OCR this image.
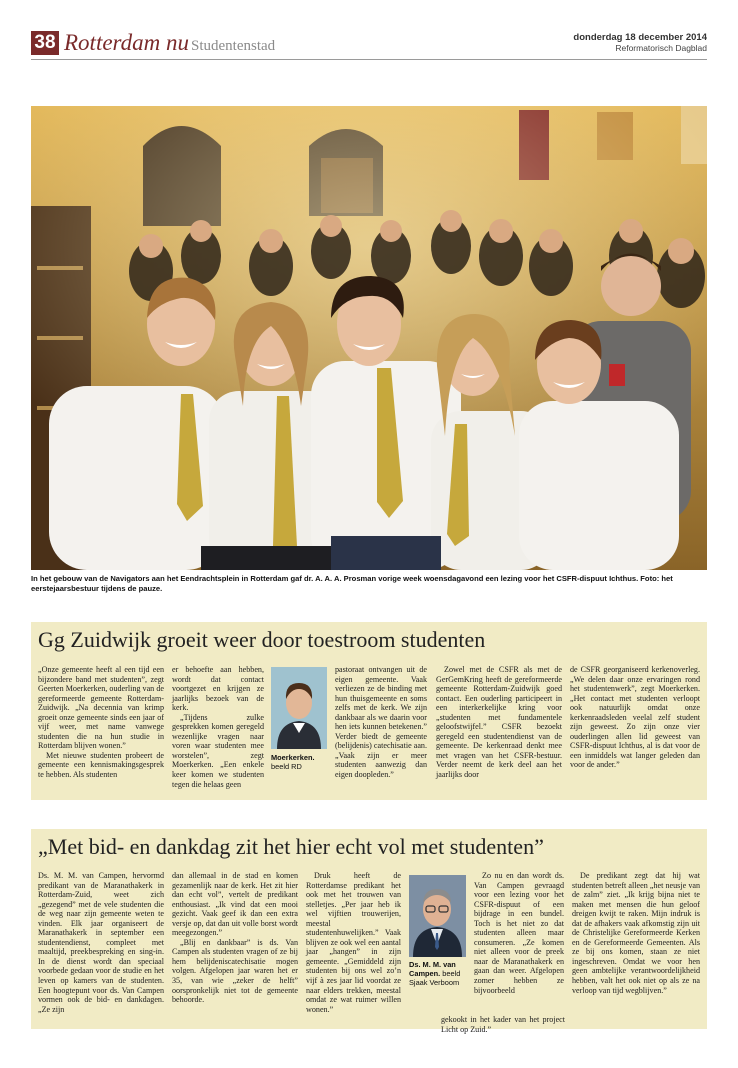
38 Rotterdam nu Studentenstad
donderdag 18 december 2014
Reformatorisch Dagblad
In het gebouw van de Navigators aan het Eendrachtsplein in Rotterdam gaf dr. A. A. A. Prosman vorige week woensdagavond een lezing voor het CSFR-dispuut Ichthus. Foto: het eerstejaarsbestuur tijdens de pauze.
Gg Zuidwijk groeit weer door toestroom studenten

„Onze gemeente heeft al een tijd een bijzondere band met studenten”, zegt Geerten Moerkerken, ouderling van de gereformeerde gemeente Rotterdam-Zuidwijk. „Na decennia van krimp groeit onze gemeente sinds een jaar of vijf weer, met name vanwege studenten die na hun studie in Rotterdam blijven wonen.”

Met nieuwe studenten probeert de gemeente een kennismakingsgesprek te hebben. Als studenten

er behoefte aan hebben, wordt dat contact voortgezet en krijgen ze jaarlijks bezoek van de kerk.

„Tijdens zulke gesprekken komen geregeld wezenlijke vragen naar voren waar studenten mee worstelen”, zegt Moerkerken. „Een enkele keer komen we studenten tegen die helaas geen

Moerkerken.
beeld RD

pastoraat ontvangen uit de eigen gemeente. Vaak verliezen ze de binding met hun thuisgemeente en soms zelfs met de kerk. We zijn dankbaar als we daarin voor hen iets kunnen betekenen.” Verder biedt de gemeente (belijdenis) catechisatie aan. „Vaak zijn er meer studenten aanwezig dan eigen doopleden.”

Zowel met de CSFR als met de GerGemKring heeft de gereformeerde gemeente Rotterdam-Zuidwijk goed contact. Een ouderling participeert in een interkerkelijke kring voor „studenten met fundamentele geloofstwijfel.” CSFR bezoekt geregeld een studentendienst van de gemeente. De kerkenraad denkt mee met vragen van het CSFR-bestuur. Verder neemt de kerk deel aan het jaarlijks door

de CSFR georganiseerd kerkenoverleg. „We delen daar onze ervaringen rond het studentenwerk”, zegt Moerkerken. „Het contact met studenten verloopt ook natuurlijk omdat onze kerkenraadsleden veelal zelf student zijn geweest. Zo zijn onze vier ouderlingen allen lid geweest van CSFR-dispuut Ichthus, al is dat voor de een inmiddels wat langer geleden dan voor de ander.”

„Met bid- en dankdag zit het hier echt vol met studenten”

Ds. M. M. van Campen, hervormd predikant van de Maranathakerk in Rotterdam-Zuid, weet zich „gezegend” met de vele studenten die de weg naar zijn gemeente weten te vinden. Elk jaar organiseert de Maranathakerk in september een studentendienst, compleet met maaltijd, preekbespreking en sing-in. In de dienst wordt dan speciaal voorbede gedaan voor de studie en het leven op kamers van de studenten. Een hoogtepunt voor ds. Van Campen vormen ook de bid- en dankdagen. „Ze zijn

dan allemaal in de stad en komen gezamenlijk naar de kerk. Het zit hier dan echt vol”, vertelt de predikant enthousiast. „Ik vind dat een mooi gezicht. Vaak geef ik dan een extra versje op, dat dan uit volle borst wordt meegezongen.”

„Blij en dankbaar” is ds. Van Campen als studenten vragen of ze bij hem belijdeniscatechisatie mogen volgen. Afgelopen jaar waren het er 35, van wie „zeker de helft” oorspronkelijk niet tot de gemeente behoorde.

Druk heeft de Rotterdamse predikant het ook met het trouwen van stelletjes. „Per jaar heb ik wel vijftien trouwerijen, meestal studentenhuwelijken.” Vaak blijven ze ook wel een aantal jaar „hangen” in zijn gemeente. „Gemiddeld zijn studenten bij ons wel zo’n vijf à zes jaar lid voordat ze naar elders trekken, meestal omdat ze wat ruimer willen wonen.”

Ds. M. M. van Campen. beeld
Sjaak Verboom

Zo nu en dan wordt ds. Van Campen gevraagd voor een lezing voor het CSFR-dispuut of een bijdrage in een bundel. Toch is het niet zo dat studenten alleen maar consumeren. „Ze komen niet alleen voor de preek naar de Maranathakerk en gaan dan weer. Afgelopen zomer hebben ze bijvoorbeeld

gekookt in het kader van het project Licht op Zuid.”

De predikant zegt dat hij wat studenten betreft alleen „het neusje van de zalm” ziet. „Ik krijg bijna niet te maken met mensen die hun geloof dreigen kwijt te raken. Mijn indruk is dat de afhakers vaak afkomstig zijn uit de Christelijke Gereformeerde Kerken en de Gereformeerde Gemeenten. Als ze bij ons komen, staan ze niet ingeschreven. Omdat we voor hen geen ambtelijke verantwoordelijkheid hebben, valt het ook niet op als ze na verloop van tijd wegblijven.”
